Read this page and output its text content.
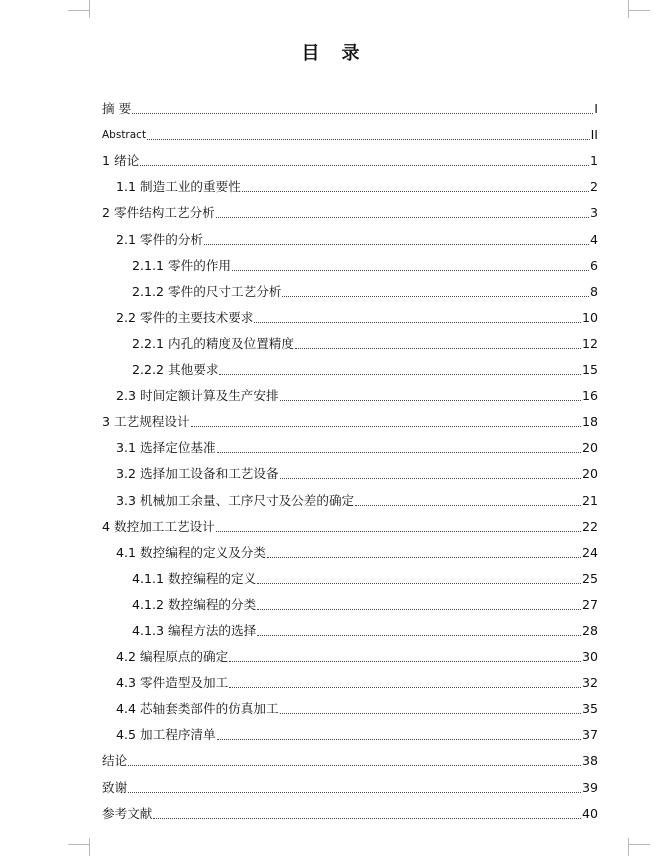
目　录
摘 要	I
Abstract	II
1 绪论	1
1.1 制造工业的重要性	2
2 零件结构工艺分析	3
2.1 零件的分析	4
2.1.1 零件的作用	6
2.1.2 零件的尺寸工艺分析	8
2.2 零件的主要技术要求	10
2.2.1 内孔的精度及位置精度	12
2.2.2 其他要求	15
2.3 时间定额计算及生产安排	16
3 工艺规程设计	18
3.1 选择定位基准	20
3.2 选择加工设备和工艺设备	20
3.3 机械加工余量、工序尺寸及公差的确定	21
4 数控加工工艺设计	22
4.1 数控编程的定义及分类	24
4.1.1 数控编程的定义	25
4.1.2 数控编程的分类	27
4.1.3 编程方法的选择	28
4.2 编程原点的确定	30
4.3 零件造型及加工	32
4.4 芯轴套类部件的仿真加工	35
4.5 加工程序清单	37
结论	38
致谢	39
参考文献	40
